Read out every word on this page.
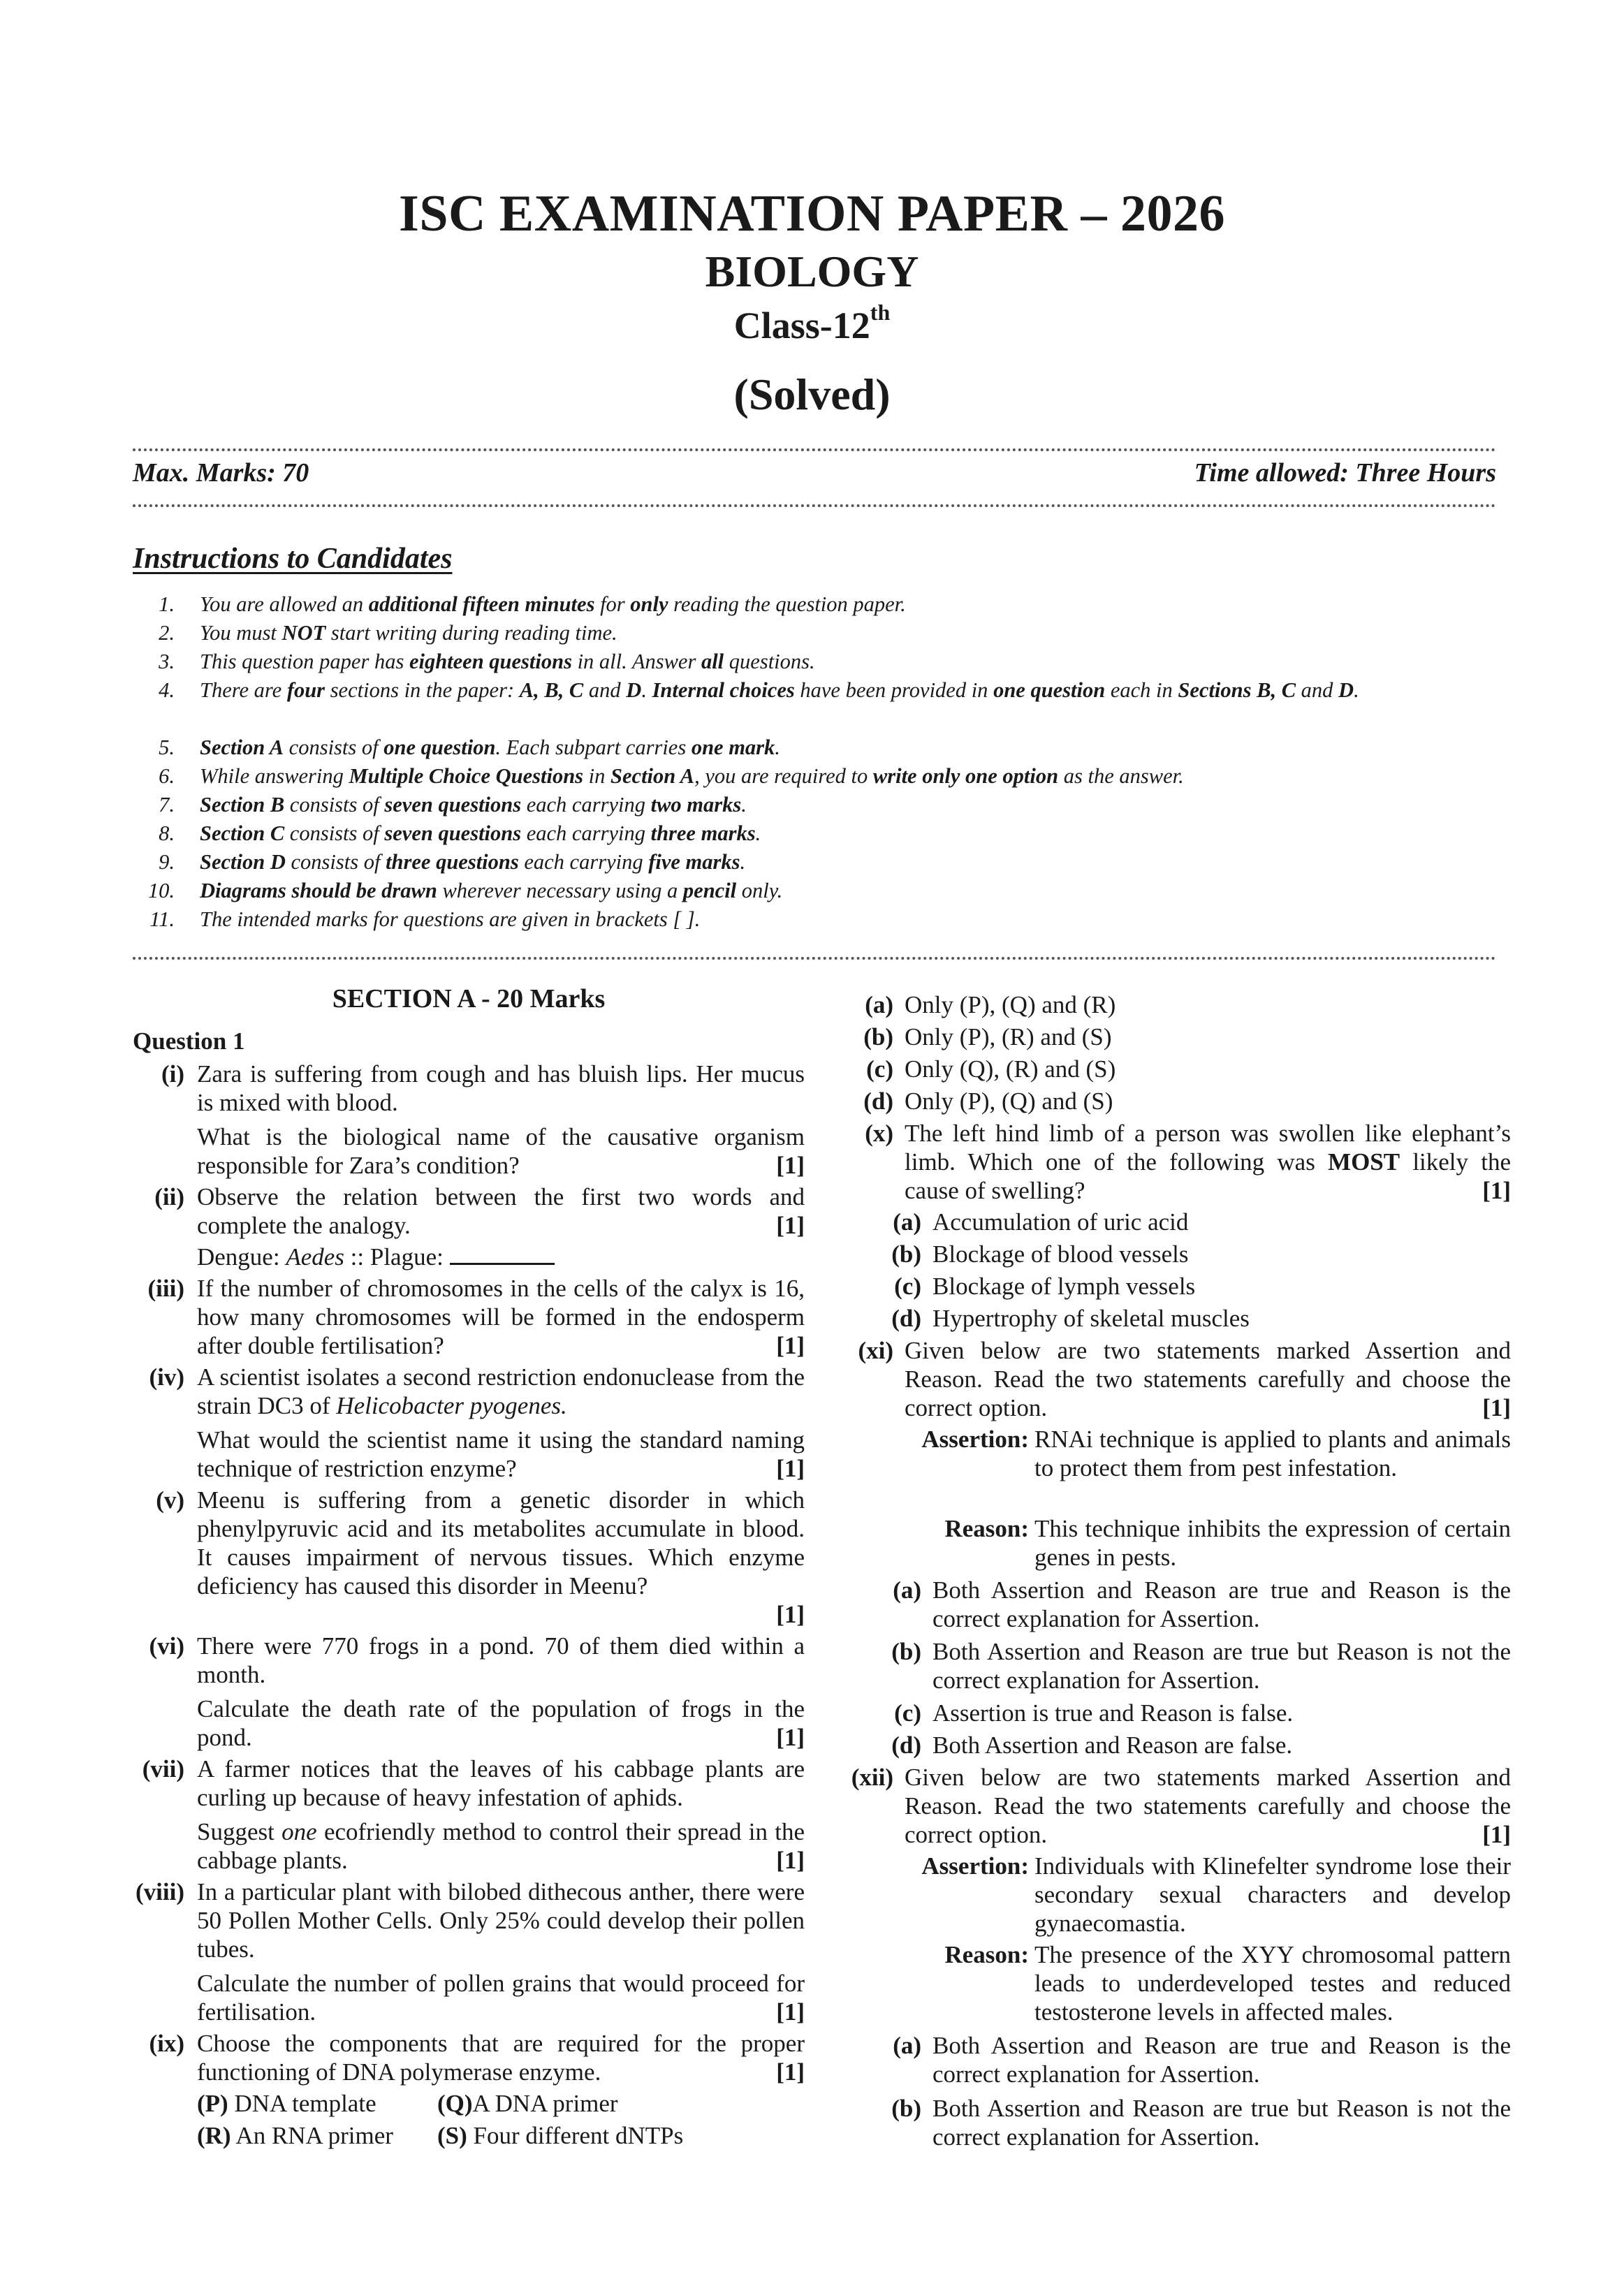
ISC EXAMINATION PAPER – 2026
BIOLOGY
Class-12th
(Solved)
Max. Marks: 70	Time allowed: Three Hours
Instructions to Candidates
1. You are allowed an additional fifteen minutes for only reading the question paper.
2. You must NOT start writing during reading time.
3. This question paper has eighteen questions in all. Answer all questions.
4. There are four sections in the paper: A, B, C and D. Internal choices have been provided in one question each in Sections B, C and D.
5. Section A consists of one question. Each subpart carries one mark.
6. While answering Multiple Choice Questions in Section A, you are required to write only one option as the answer.
7. Section B consists of seven questions each carrying two marks.
8. Section C consists of seven questions each carrying three marks.
9. Section D consists of three questions each carrying five marks.
10. Diagrams should be drawn wherever necessary using a pencil only.
11. The intended marks for questions are given in brackets [ ].
SECTION A - 20 Marks
Question 1
(i) Zara is suffering from cough and has bluish lips. Her mucus is mixed with blood.
What is the biological name of the causative organism responsible for Zara’s condition?	[1]
(ii) Observe the relation between the first two words and complete the analogy.	[1]
Dengue: Aedes :: Plague:
(iii) If the number of chromosomes in the cells of the calyx is 16, how many chromosomes will be formed in the endosperm after double fertilisation?	[1]
(iv) A scientist isolates a second restriction endonuclease from the strain DC3 of Helicobacter pyogenes.
What would the scientist name it using the standard naming technique of restriction enzyme?	[1]
(v) Meenu is suffering from a genetic disorder in which phenylpyruvic acid and its metabolites accumulate in blood. It causes impairment of nervous tissues. Which enzyme deficiency has caused this disorder in Meenu?
[1]
(vi) There were 770 frogs in a pond. 70 of them died within a month.
Calculate the death rate of the population of frogs in the pond.	[1]
(vii) A farmer notices that the leaves of his cabbage plants are curling up because of heavy infestation of aphids.
Suggest one ecofriendly method to control their spread in the cabbage plants.	[1]
(viii) In a particular plant with bilobed dithecous anther, there were 50 Pollen Mother Cells. Only 25% could develop their pollen tubes.
Calculate the number of pollen grains that would proceed for fertilisation.	[1]
(ix) Choose the components that are required for the proper functioning of DNA polymerase enzyme.	[1]
(P) DNA template (Q)A DNA primer
(R) An RNA primer (S) Four different dNTPs
(a) Only (P), (Q) and (R)
(b) Only (P), (R) and (S)
(c) Only (Q), (R) and (S)
(d) Only (P), (Q) and (S)
(x) The left hind limb of a person was swollen like elephant’s limb. Which one of the following was MOST likely the cause of swelling?	[1]
(a) Accumulation of uric acid
(b) Blockage of blood vessels
(c) Blockage of lymph vessels
(d) Hypertrophy of skeletal muscles
(xi) Given below are two statements marked Assertion and Reason. Read the two statements carefully and choose the correct option.	[1]
Assertion: RNAi technique is applied to plants and animals to protect them from pest infestation.
Reason: This technique inhibits the expression of certain genes in pests.
(a) Both Assertion and Reason are true and Reason is the correct explanation for Assertion.
(b) Both Assertion and Reason are true but Reason is not the correct explanation for Assertion.
(c) Assertion is true and Reason is false.
(d) Both Assertion and Reason are false.
(xii) Given below are two statements marked Assertion and Reason. Read the two statements carefully and choose the correct option.	[1]
Assertion: Individuals with Klinefelter syndrome lose their secondary sexual characters and develop gynaecomastia.
Reason: The presence of the XYY chromosomal pattern leads to underdeveloped testes and reduced testosterone levels in affected males.
(a) Both Assertion and Reason are true and Reason is the correct explanation for Assertion.
(b) Both Assertion and Reason are true but Reason is not the correct explanation for Assertion.
